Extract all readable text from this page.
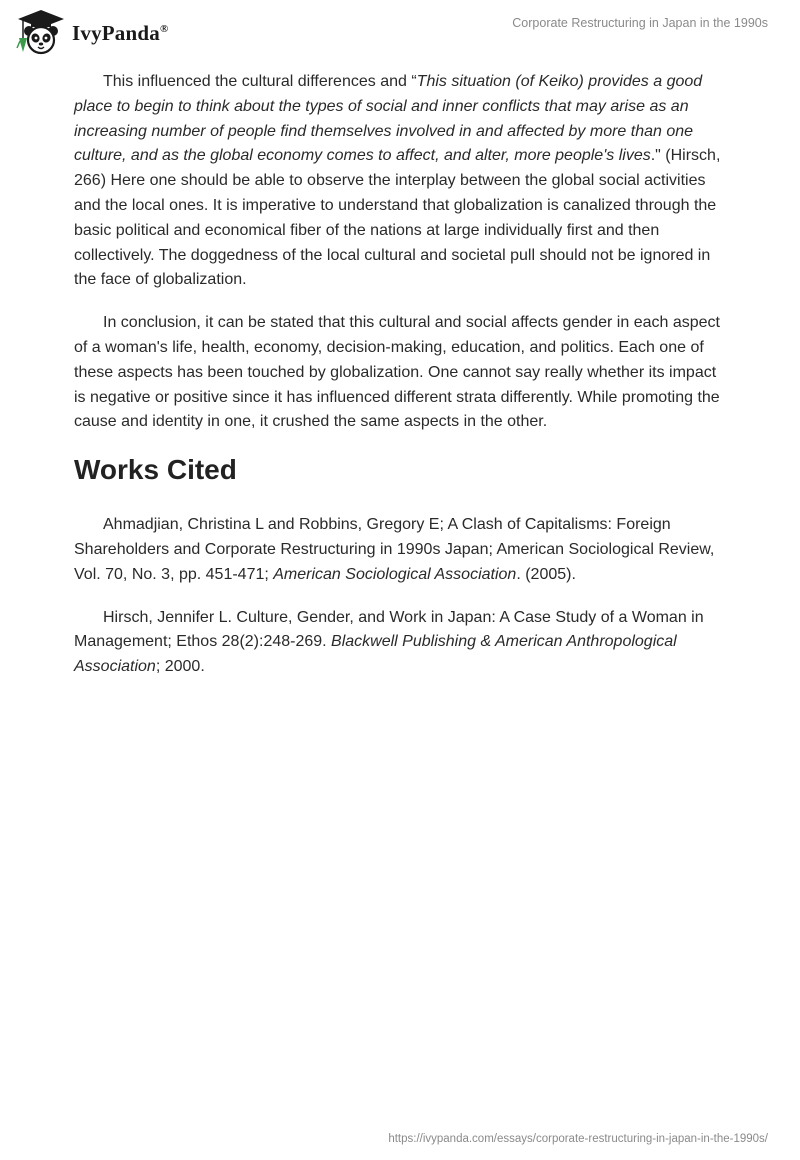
IvyPanda®	Corporate Restructuring in Japan in the 1990s

This influenced the cultural differences and “This situation (of Keiko) provides a good place to begin to think about the types of social and inner conflicts that may arise as an increasing number of people find themselves involved in and affected by more than one culture, and as the global economy comes to affect, and alter, more people's lives." (Hirsch, 266) Here one should be able to observe the interplay between the global social activities and the local ones. It is imperative to understand that globalization is canalized through the basic political and economical fiber of the nations at large individually first and then collectively. The doggedness of the local cultural and societal pull should not be ignored in the face of globalization.

In conclusion, it can be stated that this cultural and social affects gender in each aspect of a woman's life, health, economy, decision-making, education, and politics. Each one of these aspects has been touched by globalization. One cannot say really whether its impact is negative or positive since it has influenced different strata differently. While promoting the cause and identity in one, it crushed the same aspects in the other.

Works Cited

Ahmadjian, Christina L and Robbins, Gregory E; A Clash of Capitalisms: Foreign Shareholders and Corporate Restructuring in 1990s Japan; American Sociological Review, Vol. 70, No. 3, pp. 451-471; American Sociological Association. (2005).

Hirsch, Jennifer L. Culture, Gender, and Work in Japan: A Case Study of a Woman in Management; Ethos 28(2):248-269. Blackwell Publishing & American Anthropological Association; 2000.

https://ivypanda.com/essays/corporate-restructuring-in-japan-in-the-1990s/
